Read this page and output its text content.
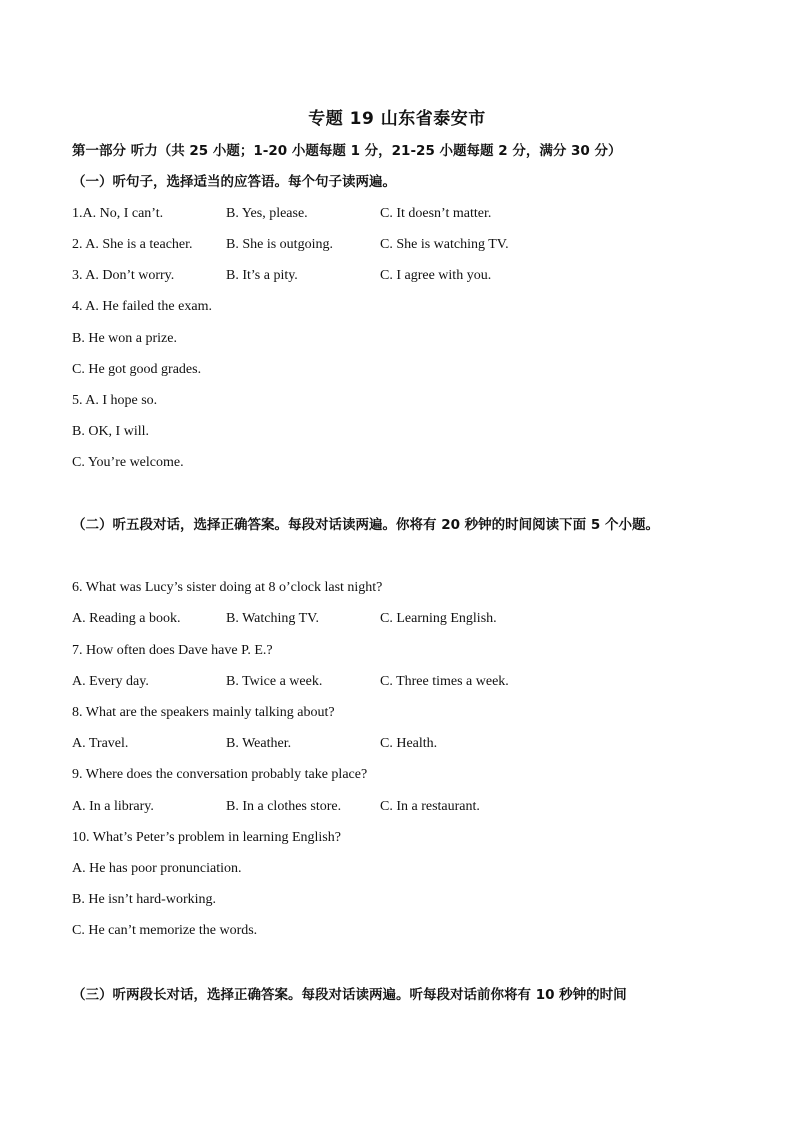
专题 19 山东省泰安市
第一部分 听力（共 25 小题；1-20 小题每题 1 分，21-25 小题每题 2 分，满分 30 分）
（一）听句子，选择适当的应答语。每个句子读两遍。
1.A. No, I can’t.	B. Yes, please.	C. It doesn’t matter.
2. A. She is a teacher. B. She is outgoing.	C. She is watching TV.
3. A. Don’t worry.	B. It’s a pity.	C. I agree with you.
4. A. He failed the exam.
B. He won a prize.
C. He got good grades.
5. A. I hope so.
B. OK, I will.
C. You’re welcome.
（二）听五段对话，选择正确答案。每段对话读两遍。你将有 20 秒钟的时间阅读下面 5 个小题。
6. What was Lucy’s sister doing at 8 o’clock last night?
A. Reading a book.	B. Watching TV.	C. Learning English.
7. How often does Dave have P. E.?
A. Every day.	B. Twice a week.	C. Three times a week.
8. What are the speakers mainly talking about?
A. Travel.	B. Weather.	C. Health.
9. Where does the conversation probably take place?
A. In a library.	B. In a clothes store.	C. In a restaurant.
10. What’s Peter’s problem in learning English?
A. He has poor pronunciation.
B. He isn’t hard-working.
C. He can’t memorize the words.
（三）听两段长对话，选择正确答案。每段对话读两遍。听每段对话前你将有 10 秒钟的时间
